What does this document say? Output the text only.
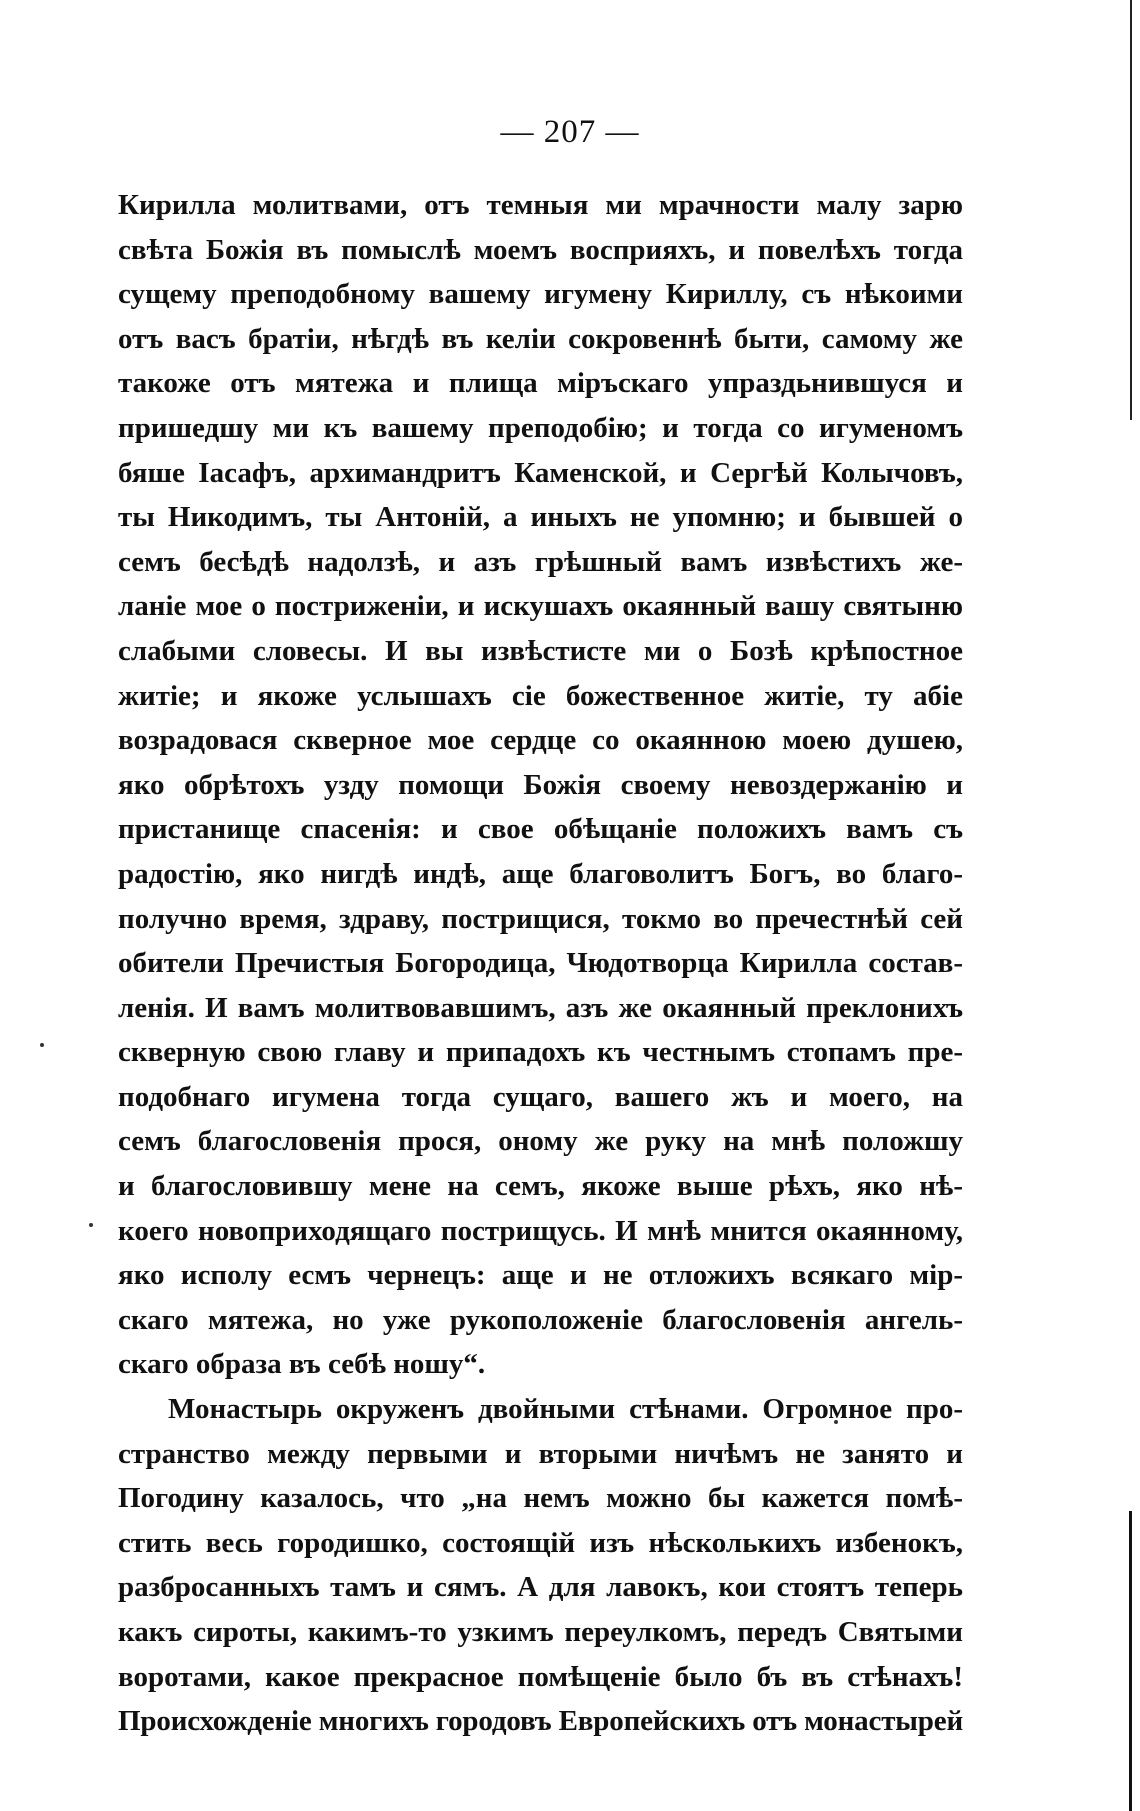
— 207 —
Кирилла молитвами, отъ темныя ми мрачности малу зарю
свѣта Божія въ помыслѣ моемъ восприяхъ, и повелѣхъ тогда
сущему преподобному вашему игумену Кириллу, съ нѣкоими
отъ васъ братіи, нѣгдѣ въ келіи сокровеннѣ быти, самому же
такоже отъ мятежа и плища міръскаго упраздьнившуся и
пришедшу ми къ вашему преподобію; и тогда со игуменомъ
бяше Іасафъ, архимандритъ Каменской, и Сергѣй Колычовъ,
ты Никодимъ, ты Антоній, а иныхъ не упомню; и бывшей о
семъ бесѣдѣ надолзѣ, и азъ грѣшный вамъ извѣстихъ же-
ланіе мое о постриженіи, и искушахъ окаянный вашу святыню
слабыми словесы. И вы извѣстисте ми о Бозѣ крѣпостное
житіе; и якоже услышахъ сіе божественное житіе, ту абіе
возрадовася скверное мое сердце со окаянною моею душею,
яко обрѣтохъ узду помощи Божія своему невоздержанію и
пристанище спасенія: и свое обѣщаніе положихъ вамъ съ
радостію, яко нигдѣ индѣ, аще благоволитъ Богъ, во благо-
получно время, здраву, пострищися, токмо во пречестнѣй сей
обители Пречистыя Богородица, Чюдотворца Кирилла состав-
ленія. И вамъ молитвовавшимъ, азъ же окаянный преклонихъ
скверную свою главу и припадохъ къ честнымъ стопамъ пре-
подобнаго игумена тогда сущаго, вашего жъ и моего, на
семъ благословенія прося, оному же руку на мнѣ положшу
и благословившу мене на семъ, якоже выше рѣхъ, яко нѣ-
коего новоприходящаго пострищусь. И мнѣ мнится окаянному,
яко исполу есмъ чернецъ: аще и не отложихъ всякаго мір-
скаго мятежа, но уже рукоположеніе благословенія ангель-
скаго образа въ себѣ ношу“.
Монастырь окруженъ двойными стѣнами. Огромное про-
странство между первыми и вторыми ничѣмъ не занято и
Погодину казалось, что „на немъ можно бы кажется помѣ-
стить весь городишко, состоящій изъ нѣсколькихъ избенокъ,
разбросанныхъ тамъ и сямъ. А для лавокъ, кои стоятъ теперь
какъ сироты, какимъ-то узкимъ переулкомъ, передъ Святыми
воротами, какое прекрасное помѣщеніе было бъ въ стѣнахъ!
Происхожденіе многихъ городовъ Европейскихъ отъ монастырей
